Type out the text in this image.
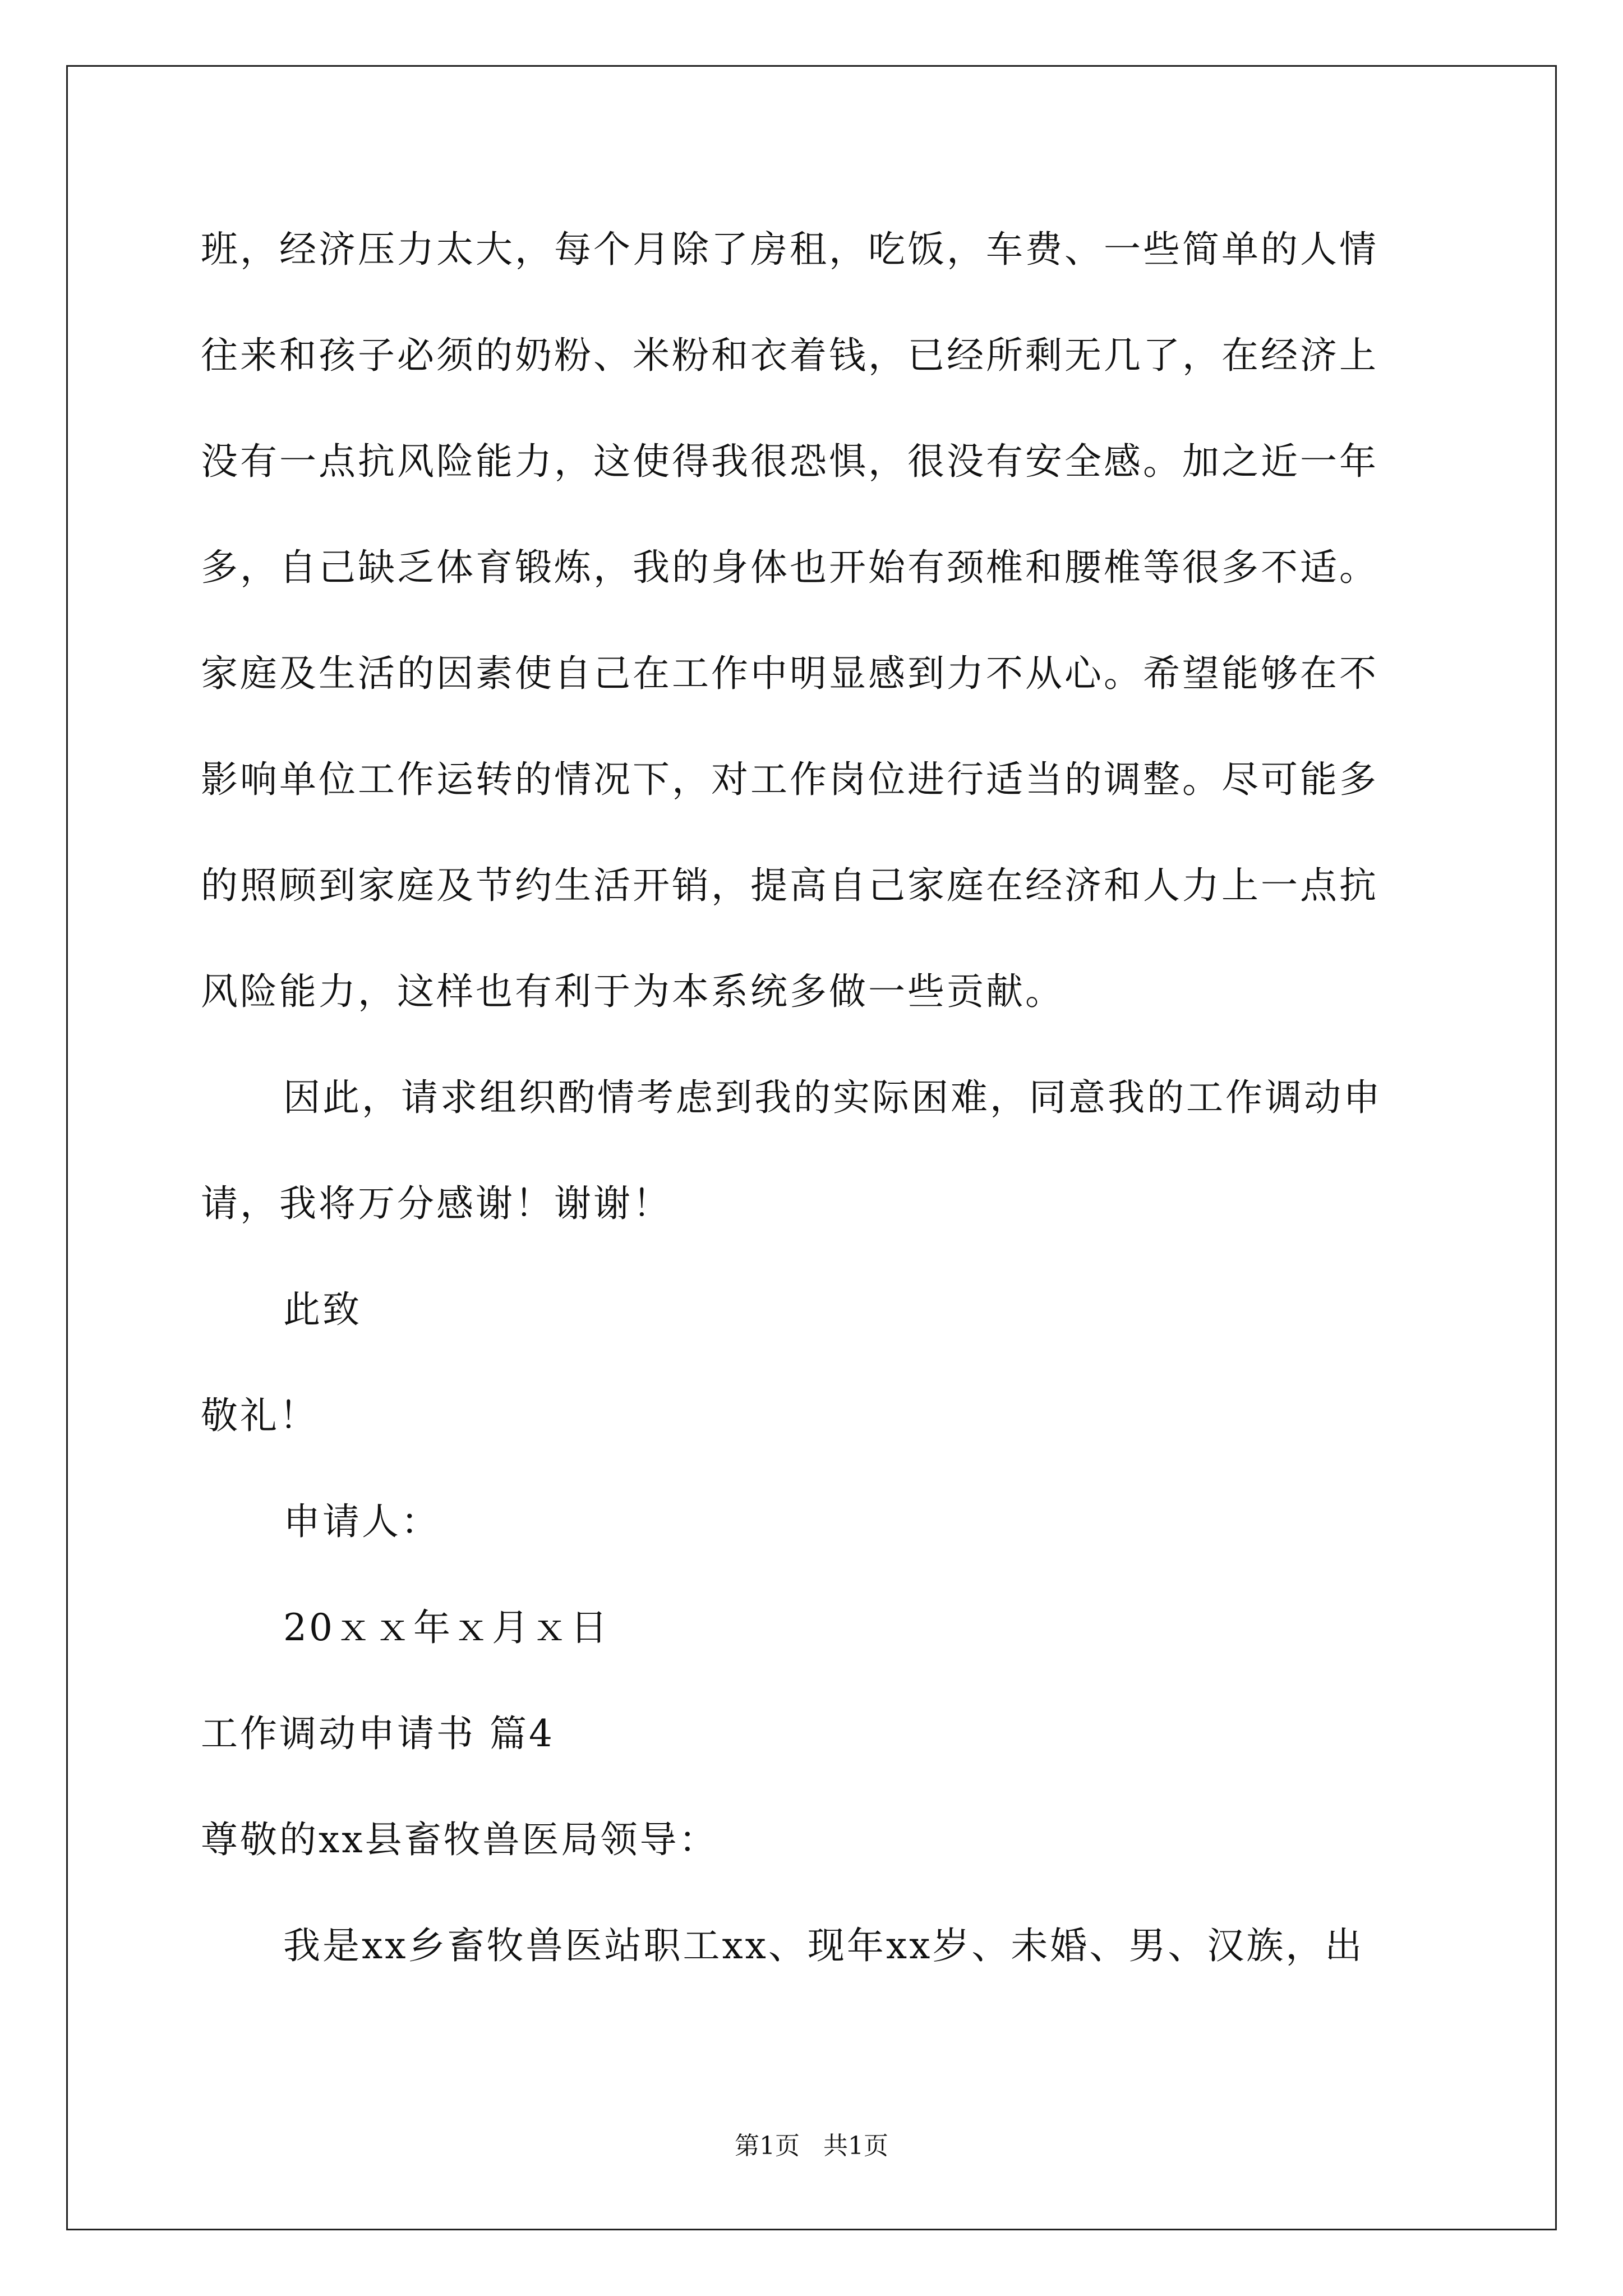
班，经济压力太大，每个月除了房租，吃饭，车费、一些简单的人情
往来和孩子必须的奶粉、米粉和衣着钱，已经所剩无几了，在经济上
没有一点抗风险能力，这使得我很恐惧，很没有安全感。加之近一年
多，自己缺乏体育锻炼，我的身体也开始有颈椎和腰椎等很多不适。
家庭及生活的因素使自己在工作中明显感到力不从心。希望能够在不
影响单位工作运转的情况下，对工作岗位进行适当的调整。尽可能多
的照顾到家庭及节约生活开销，提高自己家庭在经济和人力上一点抗
风险能力，这样也有利于为本系统多做一些贡献。
因此，请求组织酌情考虑到我的实际困难，同意我的工作调动申
请，我将万分感谢！谢谢！
此致
敬礼！
申请人：
20ｘｘ年ｘ月ｘ日
工作调动申请书 篇4
尊敬的xx县畜牧兽医局领导：
我是xx乡畜牧兽医站职工xx、现年xx岁、未婚、男、汉族，出
第1页   共1页
